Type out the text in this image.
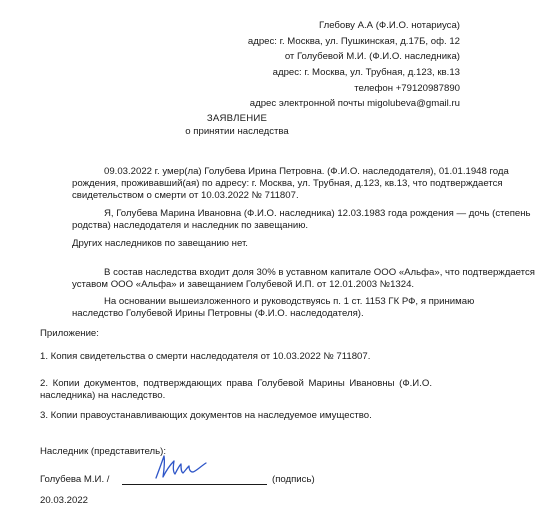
Глебову А.А (Ф.И.О. нотариуса)
адрес: г. Москва, ул. Пушкинская, д.17Б, оф. 12
от Голубевой М.И. (Ф.И.О. наследника)
адрес: г. Москва, ул. Трубная, д.123, кв.13
телефон +79120987890
адрес электронной почты migolubeva@gmail.ru
ЗАЯВЛЕНИЕ
о принятии наследства
09.03.2022 г. умер(ла) Голубева Ирина Петровна. (Ф.И.О. наследодателя), 01.01.1948 года
рождения, проживавший(ая) по адресу: г. Москва, ул. Трубная, д.123, кв.13, что подтверждается
свидетельством о смерти от 10.03.2022 № 711807.
Я, Голубева Марина Ивановна (Ф.И.О. наследника) 12.03.1983 года рождения — дочь (степень
родства) наследодателя и наследник по завещанию.
Других наследников по завещанию нет.
В состав наследства входит доля 30% в уставном капитале ООО «Альфа», что подтверждается
уставом ООО «Альфа» и завещанием Голубевой И.П. от 12.01.2003 №1324.
На основании вышеизложенного и руководствуясь п. 1 ст. 1153 ГК РФ, я принимаю
наследство Голубевой Ирины Петровны (Ф.И.О. наследодателя).
Приложение:
1. Копия свидетельства о смерти наследодателя от 10.03.2022 № 711807.
2. Копии документов, подтверждающих права Голубевой Марины Ивановны (Ф.И.О.
наследника) на наследство.
3. Копии правоустанавливающих документов на наследуемое имущество.
Наследник (представитель):
Голубева М.И. /	(подпись)
20.03.2022
